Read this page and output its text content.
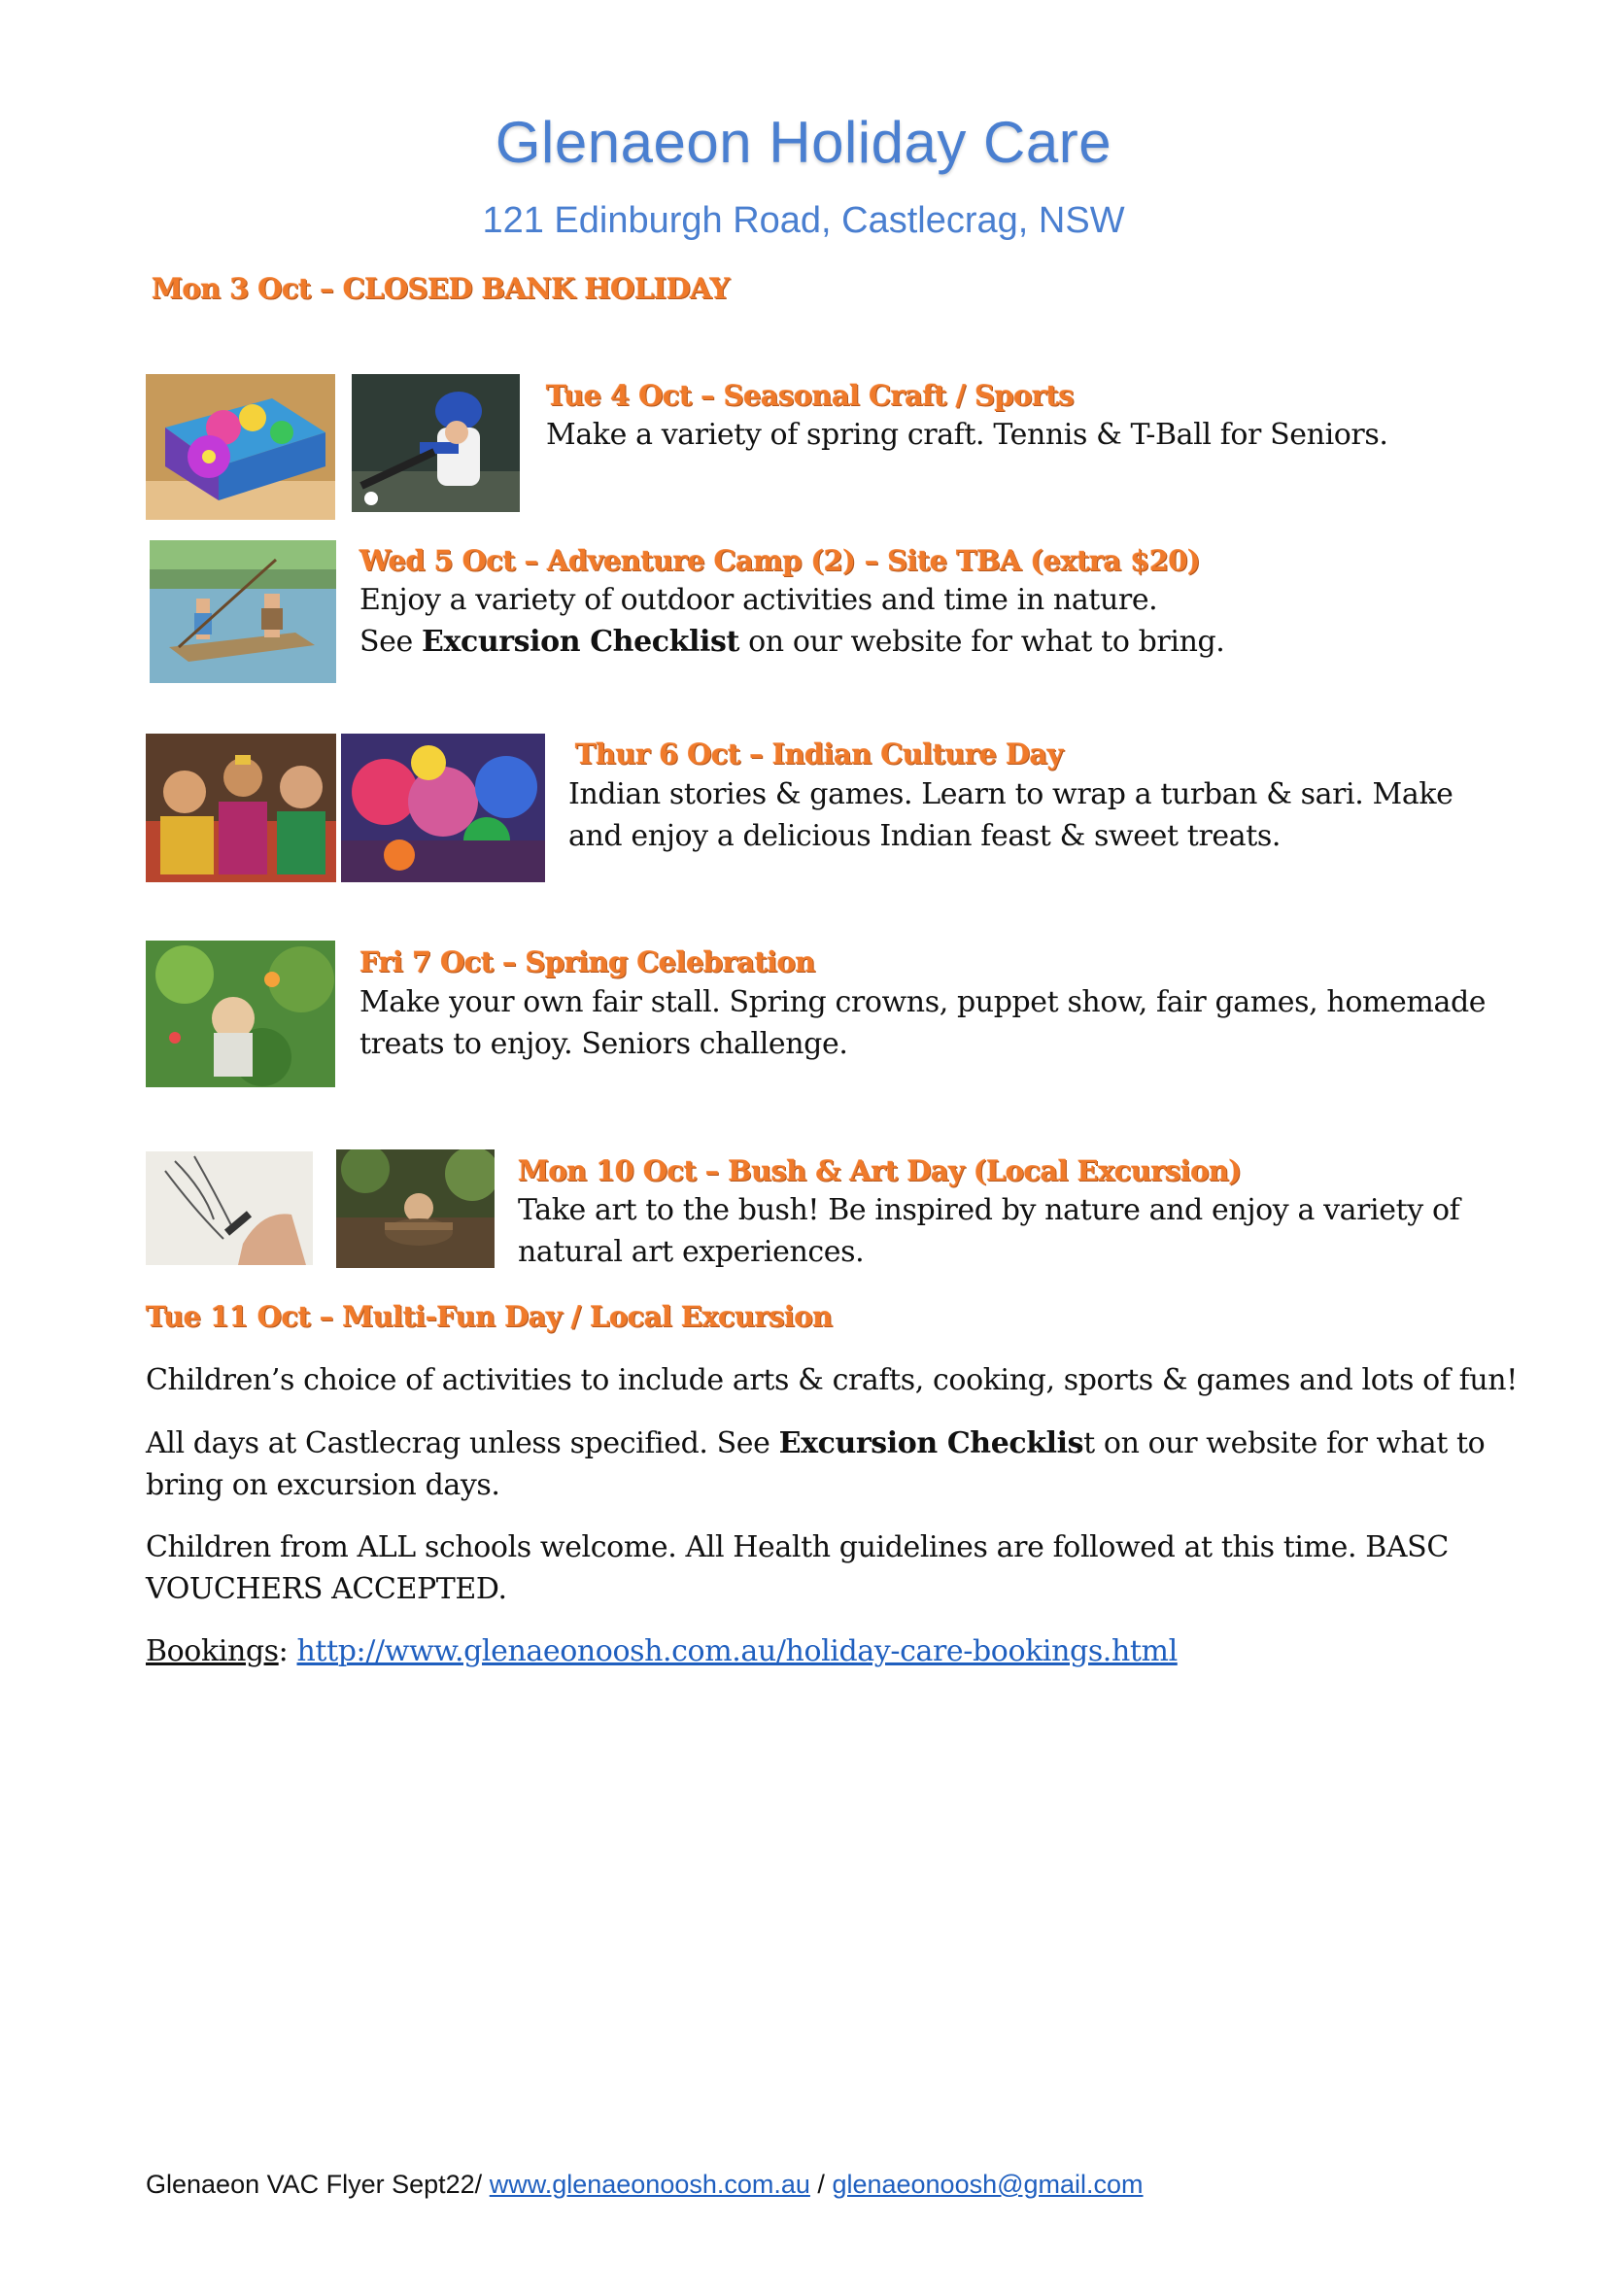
Glenaeon Holiday Care
121 Edinburgh Road, Castlecrag, NSW
Mon 3 Oct – CLOSED BANK HOLIDAY
Tue 4 Oct – Seasonal Craft / Sports
Make a variety of spring craft. Tennis & T-Ball for Seniors.
Wed 5 Oct – Adventure Camp (2) – Site TBA (extra $20)
Enjoy a variety of outdoor activities and time in nature.
See Excursion Checklist on our website for what to bring.
Thur 6 Oct – Indian Culture Day
Indian stories & games. Learn to wrap a turban & sari. Make
and enjoy a delicious Indian feast & sweet treats.
Fri 7 Oct – Spring Celebration
Make your own fair stall. Spring crowns, puppet show, fair games, homemade
treats to enjoy. Seniors challenge.
Mon 10 Oct – Bush & Art Day (Local Excursion)
Take art to the bush! Be inspired by nature and enjoy a variety of
natural art experiences.
Tue 11 Oct – Multi-Fun Day / Local Excursion
Children’s choice of activities to include arts & crafts, cooking, sports & games and lots of fun!
All days at Castlecrag unless specified. See Excursion Checklist on our website for what to
bring on excursion days.
Children from ALL schools welcome. All Health guidelines are followed at this time. BASC
VOUCHERS ACCEPTED.
Bookings: http://www.glenaeonoosh.com.au/holiday-care-bookings.html
Glenaeon VAC Flyer Sept22/ www.glenaeonoosh.com.au / glenaeonoosh@gmail.com
